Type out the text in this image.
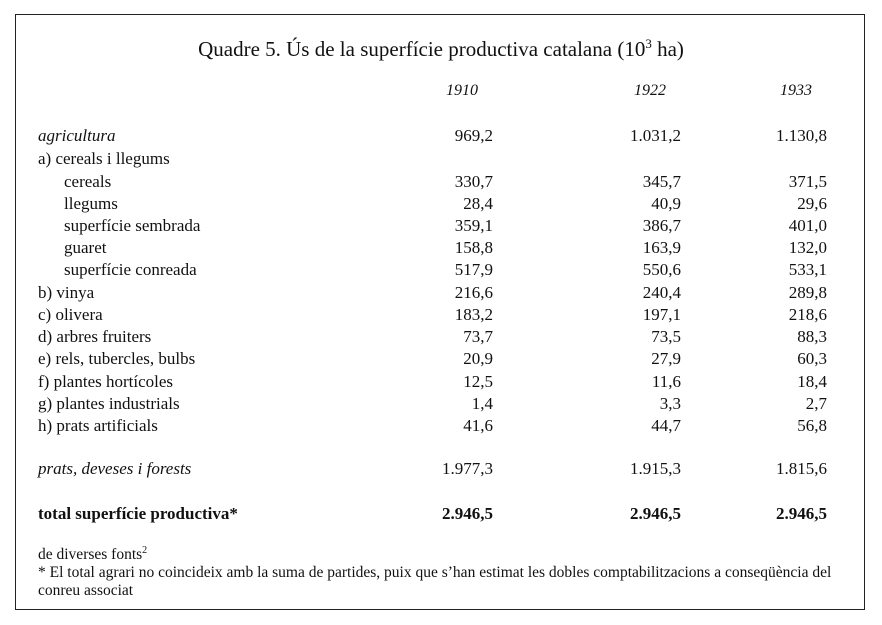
Quadre 5. Ús de la superfície productiva catalana ($10^3$ ha)
1910	1922	1933
agricultura	969,2	1.031,2	1.130,8
a) cereals i llegums
cereals	330,7	345,7	371,5
llegums	28,4	40,9	29,6
superfície sembrada	359,1	386,7	401,0
guaret	158,8	163,9	132,0
superfície conreada	517,9	550,6	533,1
b) vinya	216,6	240,4	289,8
c) olivera	183,2	197,1	218,6
d) arbres fruiters	73,7	73,5	88,3
e) rels, tubercles, bulbs	20,9	27,9	60,3
f) plantes hortícoles	12,5	11,6	18,4
g) plantes industrials	1,4	3,3	2,7
h) prats artificials	41,6	44,7	56,8
prats, deveses i forests	1.977,3	1.915,3	1.815,6
total superfície productiva*	2.946,5	2.946,5	2.946,5
de diverses fonts$^2$
* El total agrari no coincideix amb la suma de partides, puix que s’han estimat les dobles comptabilitzacions a conseqüència del conreu associat
